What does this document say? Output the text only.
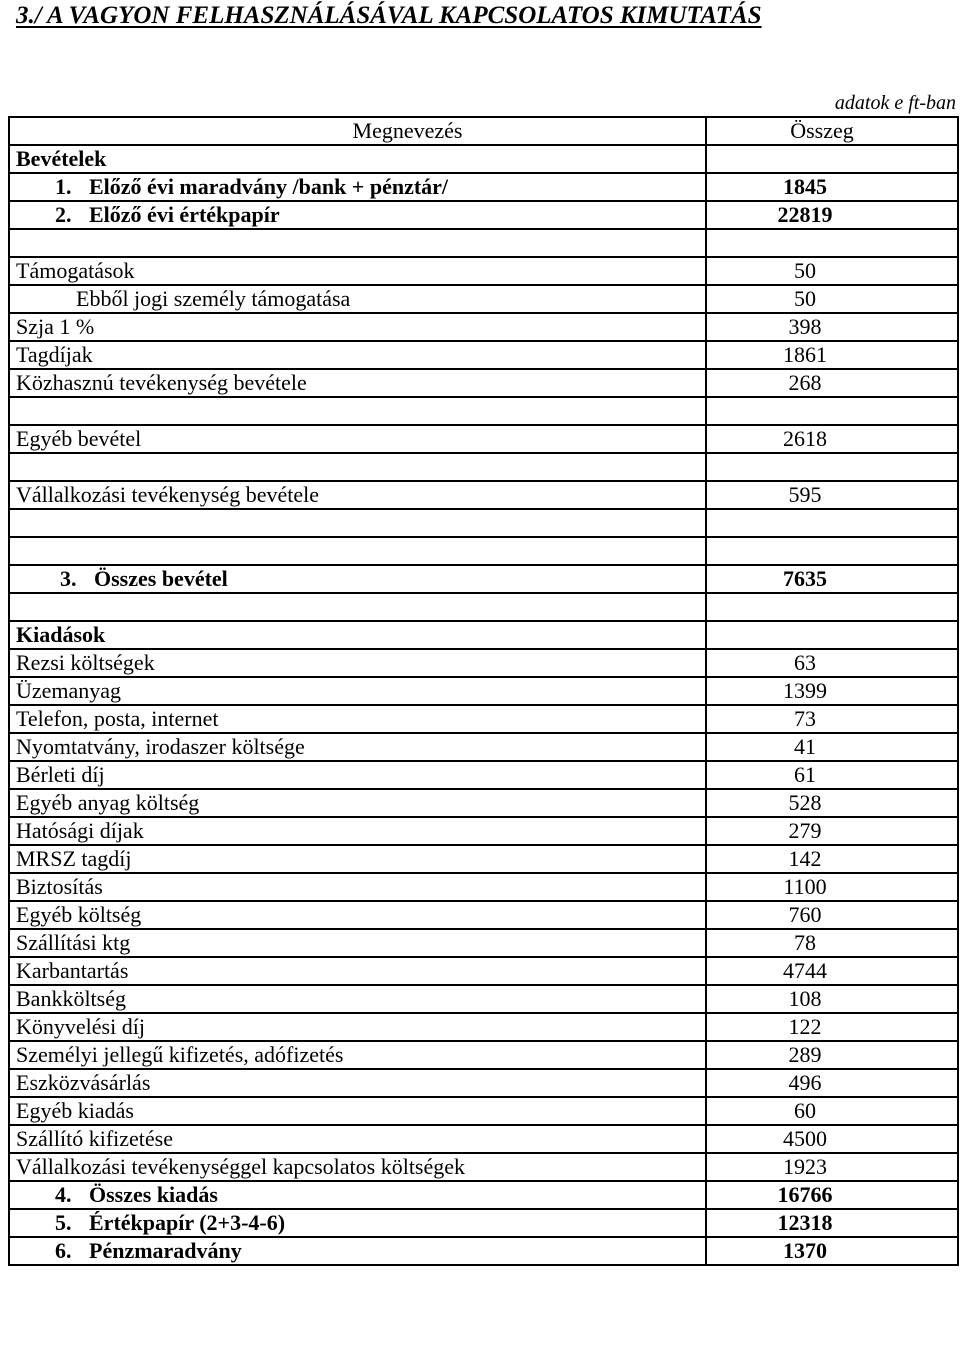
3./ A VAGYON FELHASZNÁLÁSÁVAL KAPCSOLATOS KIMUTATÁS
adatok e ft-ban
Megnevezés	Összeg
Bevételek	
1. Előző évi maradvány /bank + pénztár/	1845
2. Előző évi értékpapír	22819

Támogatások	50
Ebből jogi személy támogatása	50
Szja 1 %	398
Tagdíjak	1861
Közhasznú tevékenység bevétele	268

Egyéb bevétel	2618

Vállalkozási tevékenység bevétele	595

3. Összes bevétel	7635

Kiadások	
Rezsi költségek	63
Üzemanyag	1399
Telefon, posta, internet	73
Nyomtatvány, irodaszer költsége	41
Bérleti díj	61
Egyéb anyag költség	528
Hatósági díjak	279
MRSZ tagdíj	142
Biztosítás	1100
Egyéb költség	760
Szállítási ktg	78
Karbantartás	4744
Bankköltség	108
Könyvelési díj	122
Személyi jellegű kifizetés, adófizetés	289
Eszközvásárlás	496
Egyéb kiadás	60
Szállító kifizetése	4500
Vállalkozási tevékenységgel kapcsolatos költségek	1923
4. Összes kiadás	16766
5. Értékpapír (2+3-4-6)	12318
6. Pénzmaradvány	1370
